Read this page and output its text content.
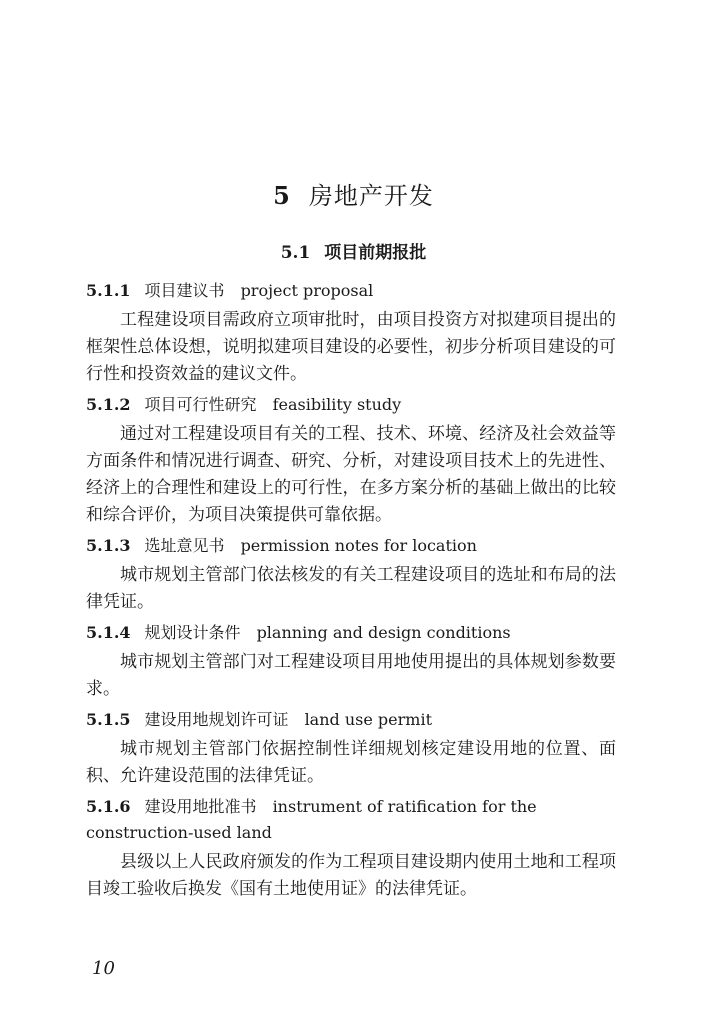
5 房地产开发
5.1 项目前期报批
5.1.1 项目建议书 project proposal
工程建设项目需政府立项审批时，由项目投资方对拟建项目提出的框架性总体设想，说明拟建项目建设的必要性，初步分析项目建设的可行性和投资效益的建议文件。
5.1.2 项目可行性研究 feasibility study
通过对工程建设项目有关的工程、技术、环境、经济及社会效益等方面条件和情况进行调查、研究、分析，对建设项目技术上的先进性、经济上的合理性和建设上的可行性，在多方案分析的基础上做出的比较和综合评价，为项目决策提供可靠依据。
5.1.3 选址意见书 permission notes for location
城市规划主管部门依法核发的有关工程建设项目的选址和布局的法律凭证。
5.1.4 规划设计条件 planning and design conditions
城市规划主管部门对工程建设项目用地使用提出的具体规划参数要求。
5.1.5 建设用地规划许可证 land use permit
城市规划主管部门依据控制性详细规划核定建设用地的位置、面积、允许建设范围的法律凭证。
5.1.6 建设用地批准书 instrument of ratification for the construction-used land
县级以上人民政府颁发的作为工程项目建设期内使用土地和工程项目竣工验收后换发《国有土地使用证》的法律凭证。
10
